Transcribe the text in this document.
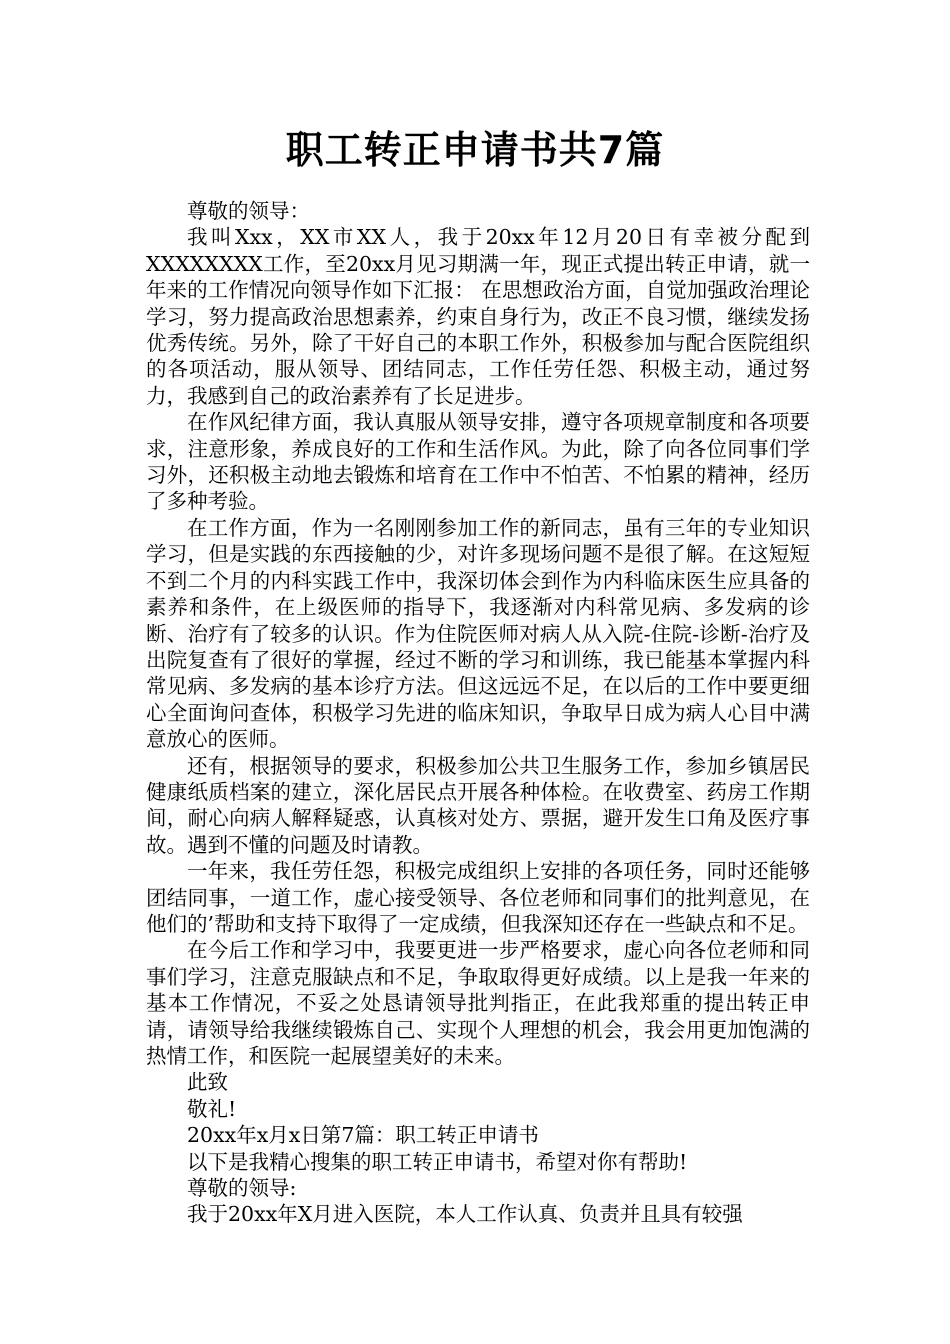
职工转正申请书共7篇

尊敬的领导：

我叫Xxx，XX市XX人，我于20xx年12月20日有幸被分配到XXXXXXXX工作，至20xx月见习期满一年，现正式提出转正申请，就一年来的工作情况向领导作如下汇报： 在思想政治方面，自觉加强政治理论学习，努力提高政治思想素养，约束自身行为，改正不良习惯，继续发扬优秀传统。另外，除了干好自己的本职工作外，积极参加与配合医院组织的各项活动，服从领导、团结同志，工作任劳任怨、积极主动，通过努力，我感到自己的政治素养有了长足进步。

在作风纪律方面，我认真服从领导安排，遵守各项规章制度和各项要求，注意形象，养成良好的工作和生活作风。为此，除了向各位同事们学习外，还积极主动地去锻炼和培育在工作中不怕苦、不怕累的精神，经历了多种考验。

在工作方面，作为一名刚刚参加工作的新同志，虽有三年的专业知识学习，但是实践的东西接触的少，对许多现场问题不是很了解。在这短短不到二个月的内科实践工作中，我深切体会到作为内科临床医生应具备的素养和条件，在上级医师的指导下，我逐渐对内科常见病、多发病的诊断、治疗有了较多的认识。作为住院医师对病人从入院-住院-诊断-治疗及出院复查有了很好的掌握，经过不断的学习和训练，我已能基本掌握内科常见病、多发病的基本诊疗方法。但这远远不足，在以后的工作中要更细心全面询问查体，积极学习先进的临床知识，争取早日成为病人心目中满意放心的医师。

还有，根据领导的要求，积极参加公共卫生服务工作，参加乡镇居民健康纸质档案的建立，深化居民点开展各种体检。在收费室、药房工作期间，耐心向病人解释疑惑，认真核对处方、票据，避开发生口角及医疗事故。遇到不懂的问题及时请教。

一年来，我任劳任怨，积极完成组织上安排的各项任务，同时还能够团结同事，一道工作，虚心接受领导、各位老师和同事们的批判意见，在他们的’帮助和支持下取得了一定成绩，但我深知还存在一些缺点和不足。

在今后工作和学习中，我要更进一步严格要求，虚心向各位老师和同事们学习，注意克服缺点和不足，争取取得更好成绩。以上是我一年来的基本工作情况，不妥之处恳请领导批判指正，在此我郑重的提出转正申请，请领导给我继续锻炼自己、实现个人理想的机会，我会用更加饱满的热情工作，和医院一起展望美好的未来。

此致

敬礼!

20xx年x月x日第7篇：职工转正申请书

以下是我精心搜集的职工转正申请书，希望对你有帮助!

尊敬的领导:

我于20xx年X月进入医院，本人工作认真、负责并且具有较强
